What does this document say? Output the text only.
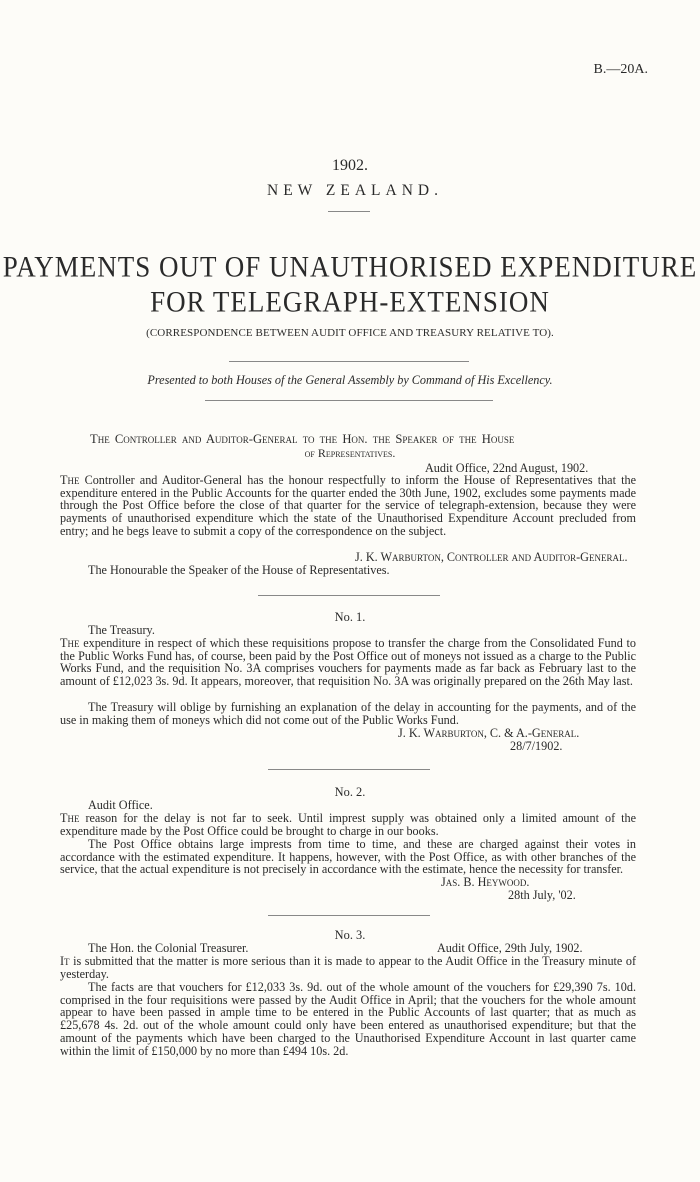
B.—20A.
1902.
NEW ZEALAND.
PAYMENTS OUT OF UNAUTHORISED EXPENDITURE
FOR TELEGRAPH-EXTENSION
(CORRESPONDENCE BETWEEN AUDIT OFFICE AND TREASURY RELATIVE TO).
Presented to both Houses of the General Assembly by Command of His Excellency.
The Controller and Auditor-General to the Hon. the Speaker of the House
of Representatives.
Audit Office, 22nd August, 1902.
The Controller and Auditor-General has the honour respectfully to inform the House of Representatives that the expenditure entered in the Public Accounts for the quarter ended the 30th June, 1902, excludes some payments made through the Post Office before the close of that quarter for the service of telegraph-extension, because they were payments of unauthorised expenditure which the state of the Unauthorised Expenditure Account precluded from entry; and he begs leave to submit a copy of the correspondence on the subject.
J. K. Warburton, Controller and Auditor-General.
The Honourable the Speaker of the House of Representatives.
No. 1.
The Treasury.
The expenditure in respect of which these requisitions propose to transfer the charge from the Consolidated Fund to the Public Works Fund has, of course, been paid by the Post Office out of moneys not issued as a charge to the Public Works Fund, and the requisition No. 3A comprises vouchers for payments made as far back as February last to the amount of £12,023 3s. 9d. It appears, moreover, that requisition No. 3A was originally prepared on the 26th May last.
The Treasury will oblige by furnishing an explanation of the delay in accounting for the payments, and of the use in making them of moneys which did not come out of the Public Works Fund.
J. K. Warburton, C. & A.-General.
28/7/1902.
No. 2.
Audit Office.
The reason for the delay is not far to seek. Until imprest supply was obtained only a limited amount of the expenditure made by the Post Office could be brought to charge in our books.
The Post Office obtains large imprests from time to time, and these are charged against their votes in accordance with the estimated expenditure. It happens, however, with the Post Office, as with other branches of the service, that the actual expenditure is not precisely in accordance with the estimate, hence the necessity for transfer.
Jas. B. Heywood.
28th July, '02.
No. 3.
The Hon. the Colonial Treasurer.	Audit Office, 29th July, 1902.
It is submitted that the matter is more serious than it is made to appear to the Audit Office in the Treasury minute of yesterday.
The facts are that vouchers for £12,033 3s. 9d. out of the whole amount of the vouchers for £29,390 7s. 10d. comprised in the four requisitions were passed by the Audit Office in April; that the vouchers for the whole amount appear to have been passed in ample time to be entered in the Public Accounts of last quarter; that as much as £25,678 4s. 2d. out of the whole amount could only have been entered as unauthorised expenditure; but that the amount of the payments which have been charged to the Unauthorised Expenditure Account in last quarter came within the limit of £150,000 by no more than £494 10s. 2d.
